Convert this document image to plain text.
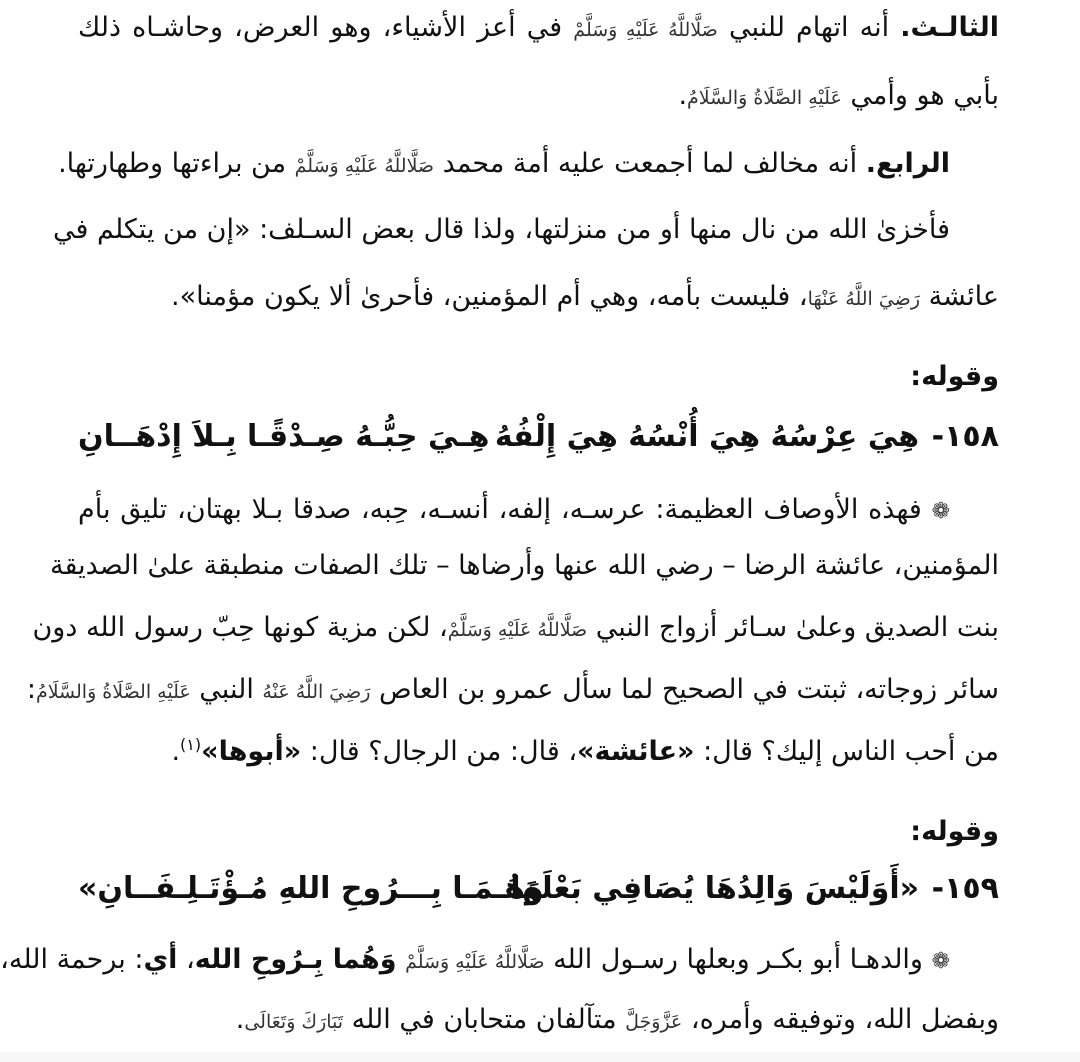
الثالـث. أنه اتهام للنبي صَلَّاللَّهُ عَلَيْهِ وَسَلَّمْ في أعز الأشياء، وهو العرض، وحاشـاه ذلك
بأبي هو وأمي عَلَيْهِ الصَّلَاةُ وَالسَّلَامُ.
الرابع. أنه مخالف لما أجمعت عليه أمة محمد صَلَّاللَّهُ عَلَيْهِ وَسَلَّمْ من براءتها وطهارتها.
فأخزىٰ الله من نال منها أو من منزلتها، ولذا قال بعض السـلف: «إن من يتكلم في
عائشة رَضِيَ اللَّهُ عَنْهَا، فليست بأمه، وهي أم المؤمنين، فأحرىٰ ألا يكون مؤمنا».
وقوله:
١٥٨-
هِيَ عِرْسُهُ هِيَ أُنْسُهُ هِيَ إِلْفُهُ
هِـيَ حِبُّـهُ صِـدْقًـا بِـلاَ إِدْهَــانِ
❁ فهذه الأوصاف العظيمة: عرسـه، إلفه، أنسـه، حِبه، صدقا بـلا بهتان، تليق بأم
المؤمنين، عائشة الرضا – رضي الله عنها وأرضاها – تلك الصفات منطبقة علىٰ الصديقة
بنت الصديق وعلىٰ سـائر أزواج النبي صَلَّاللَّهُ عَلَيْهِ وَسَلَّمْ، لكن مزية كونها حِبّ رسول الله دون
سائر زوجاته، ثبتت في الصحيح لما سأل عمرو بن العاص رَضِيَ اللَّهُ عَنْهُ النبي عَلَيْهِ الصَّلَاةُ وَالسَّلَامُ:
من أحب الناس إليك؟ قال: «عائشة»، قال: من الرجال؟ قال: «أبوها»$^{(١)}$.
وقوله:
١٥٩-
«أَوَلَيْسَ وَالِدُهَا يُصَافِي بَعْلَهَا
وَهُـمَـا بِـــرُوحِ اللهِ مُـؤْتَـلِـفَــانِ»
❁ والدهـا أبو بكـر وبعلها رسـول الله صَلَّاللَّهُ عَلَيْهِ وَسَلَّمْ وَهُما بِـرُوحِ الله، أي: برحمة الله،
وبفضل الله، وتوفيقه وأمره، عَزَّوَجَلَّ متآلفان متحابان في الله تَبَارَكَ وَتَعَالَى.
